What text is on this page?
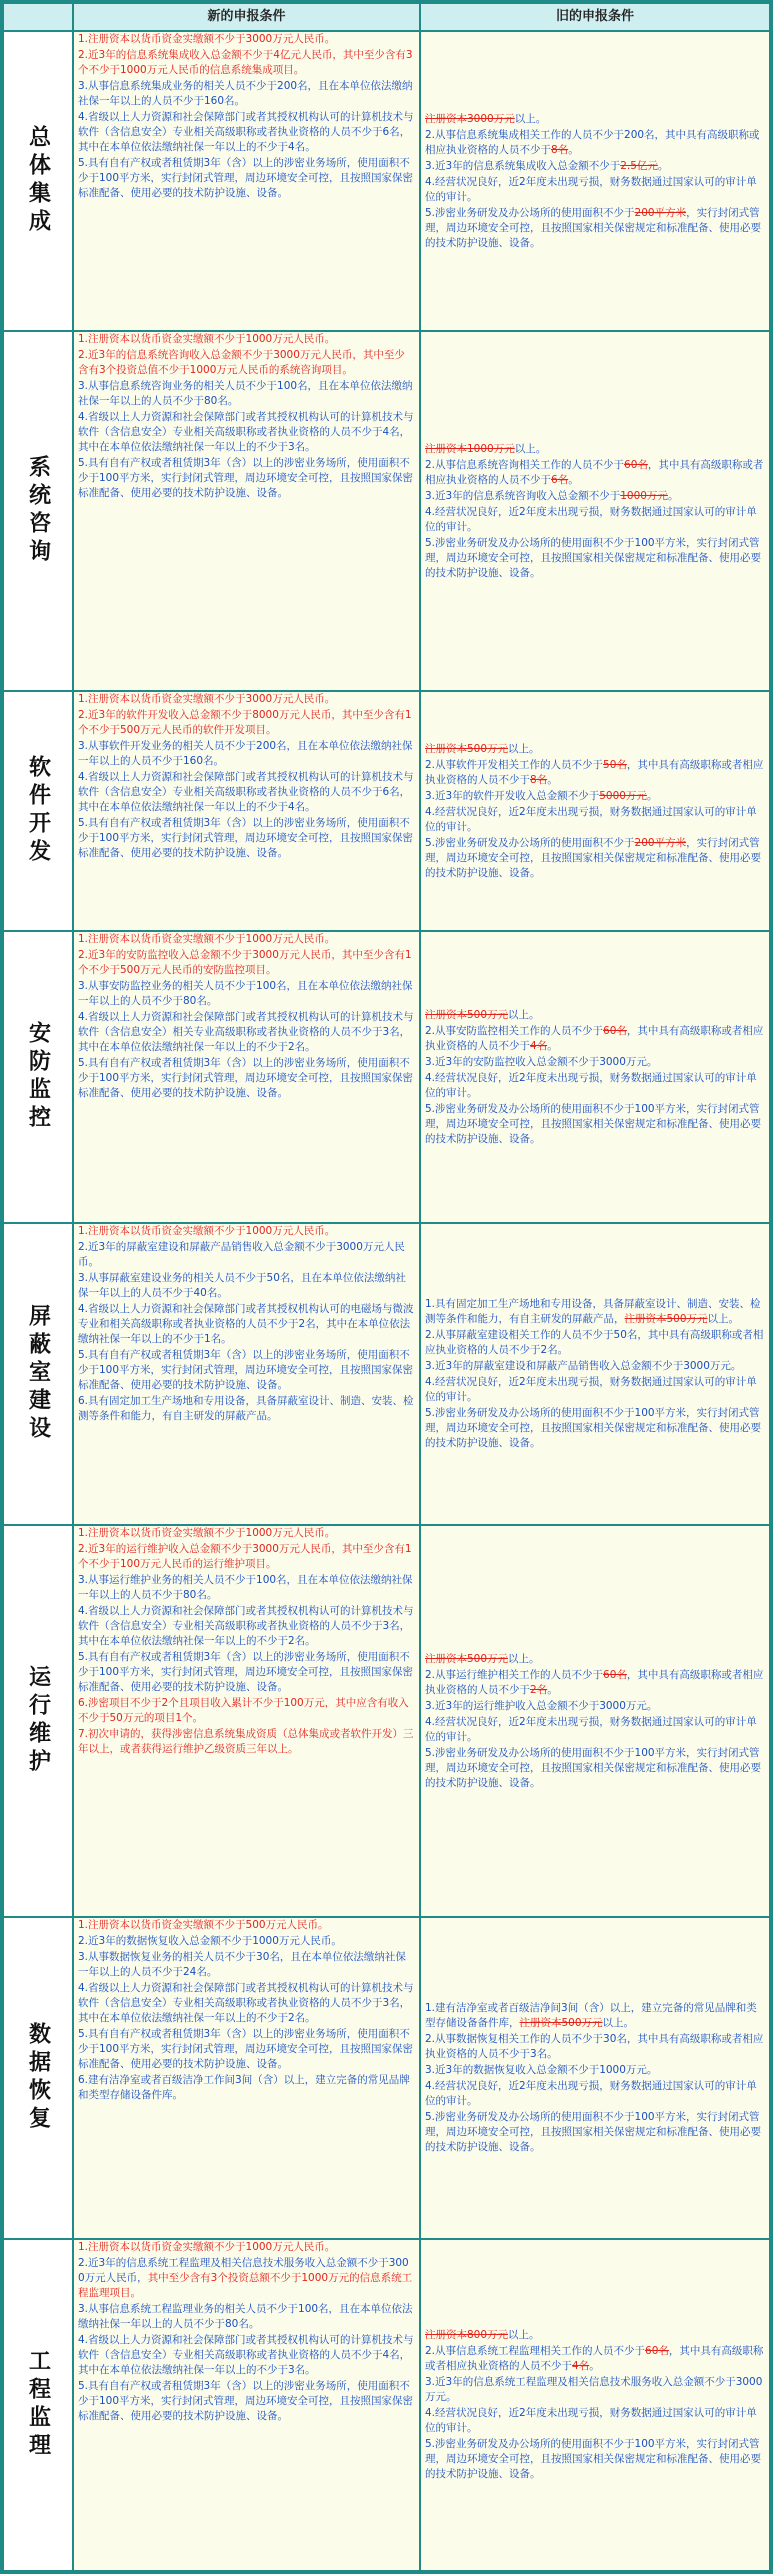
新的申报条件	旧的申报条件
总体集成

1.注册资本以货币资金实缴额不少于3000万元人民币。

2.近3年的信息系统集成收入总金额不少于4亿元人民币，其中至少含有3个不少于1000万元人民币的信息系统集成项目。

3.从事信息系统集成业务的相关人员不少于200名，且在本单位依法缴纳社保一年以上的人员不少于160名。

4.省级以上人力资源和社会保障部门或者其授权机构认可的计算机技术与软件（含信息安全）专业相关高级职称或者执业资格的人员不少于6名，其中在本单位依法缴纳社保一年以上的不少于4名。

5.具有自有产权或者租赁期3年（含）以上的涉密业务场所，使用面积不少于100平方米，实行封闭式管理，周边环境安全可控，且按照国家保密标准配备、使用必要的技术防护设施、设备。

注册资本3000万元以上。

2.从事信息系统集成相关工作的人员不少于200名，其中具有高级职称或相应执业资格的人员不少于8名。

3.近3年的信息系统集成收入总金额不少于2.5亿元。

4.经营状况良好，近2年度未出现亏损，财务数据通过国家认可的审计单位的审计。

5.涉密业务研发及办公场所的使用面积不少于200平方米，实行封闭式管理，周边环境安全可控，且按照国家相关保密规定和标准配备、使用必要的技术防护设施、设备。

系统咨询

1.注册资本以货币资金实缴额不少于1000万元人民币。

2.近3年的信息系统咨询收入总金额不少于3000万元人民币，其中至少含有3个投资总值不少于1000万元人民币的系统咨询项目。

3.从事信息系统咨询业务的相关人员不少于100名，且在本单位依法缴纳社保一年以上的人员不少于80名。

4.省级以上人力资源和社会保障部门或者其授权机构认可的计算机技术与软件（含信息安全）专业相关高级职称或者执业资格的人员不少于4名，其中在本单位依法缴纳社保一年以上的不少于3名。

5.具有自有产权或者租赁期3年（含）以上的涉密业务场所，使用面积不少于100平方米，实行封闭式管理，周边环境安全可控，且按照国家保密标准配备、使用必要的技术防护设施、设备。

注册资本1000万元以上。

2.从事信息系统咨询相关工作的人员不少于60名，其中具有高级职称或者相应执业资格的人员不少于6名。

3.近3年的信息系统咨询收入总金额不少于1000万元。

4.经营状况良好，近2年度未出现亏损，财务数据通过国家认可的审计单位的审计。

5.涉密业务研发及办公场所的使用面积不少于100平方米，实行封闭式管理，周边环境安全可控，且按照国家相关保密规定和标准配备、使用必要的技术防护设施、设备。

软件开发

1.注册资本以货币资金实缴额不少于3000万元人民币。

2.近3年的软件开发收入总金额不少于8000万元人民币，其中至少含有1个不少于500万元人民币的软件开发项目。

3.从事软件开发业务的相关人员不少于200名，且在本单位依法缴纳社保一年以上的人员不少于160名。

4.省级以上人力资源和社会保障部门或者其授权机构认可的计算机技术与软件（含信息安全）专业相关高级职称或者执业资格的人员不少于6名，其中在本单位依法缴纳社保一年以上的不少于4名。

5.具有自有产权或者租赁期3年（含）以上的涉密业务场所，使用面积不少于100平方米，实行封闭式管理，周边环境安全可控，且按照国家保密标准配备、使用必要的技术防护设施、设备。

注册资本500万元以上。

2.从事软件开发相关工作的人员不少于50名，其中具有高级职称或者相应执业资格的人员不少于8名。

3.近3年的软件开发收入总金额不少于5000万元。

4.经营状况良好，近2年度未出现亏损，财务数据通过国家认可的审计单位的审计。

5.涉密业务研发及办公场所的使用面积不少于200平方米，实行封闭式管理，周边环境安全可控，且按照国家相关保密规定和标准配备、使用必要的技术防护设施、设备。

安防监控

1.注册资本以货币资金实缴额不少于1000万元人民币。

2.近3年的安防监控收入总金额不少于3000万元人民币，其中至少含有1个不少于500万元人民币的安防监控项目。

3.从事安防监控业务的相关人员不少于100名，且在本单位依法缴纳社保一年以上的人员不少于80名。

4.省级以上人力资源和社会保障部门或者其授权机构认可的计算机技术与软件（含信息安全）相关专业高级职称或者执业资格的人员不少于3名，其中在本单位依法缴纳社保一年以上的不少于2名。

5.具有自有产权或者租赁期3年（含）以上的涉密业务场所，使用面积不少于100平方米，实行封闭式管理，周边环境安全可控，且按照国家保密标准配备、使用必要的技术防护设施、设备。

注册资本500万元以上。

2.从事安防监控相关工作的人员不少于60名，其中具有高级职称或者相应执业资格的人员不少于4名。

3.近3年的安防监控收入总金额不少于3000万元。

4.经营状况良好，近2年度未出现亏损，财务数据通过国家认可的审计单位的审计。

5.涉密业务研发及办公场所的使用面积不少于100平方米，实行封闭式管理，周边环境安全可控，且按照国家相关保密规定和标准配备、使用必要的技术防护设施、设备。

屏蔽室建设

1.注册资本以货币资金实缴额不少于1000万元人民币。

2.近3年的屏蔽室建设和屏蔽产品销售收入总金额不少于3000万元人民币。

3.从事屏蔽室建设业务的相关人员不少于50名，且在本单位依法缴纳社保一年以上的人员不少于40名。

4.省级以上人力资源和社会保障部门或者其授权机构认可的电磁场与微波专业和相关高级职称或者执业资格的人员不少于2名，其中在本单位依法缴纳社保一年以上的不少于1名。

5.具有自有产权或者租赁期3年（含）以上的涉密业务场所，使用面积不少于100平方米，实行封闭式管理，周边环境安全可控，且按照国家保密标准配备、使用必要的技术防护设施、设备。

6.具有固定加工生产场地和专用设备，具备屏蔽室设计、制造、安装、检测等条件和能力，有自主研发的屏蔽产品。

1.具有固定加工生产场地和专用设备，具备屏蔽室设计、制造、安装、检测等条件和能力，有自主研发的屏蔽产品，注册资本500万元以上。

2.从事屏蔽室建设相关工作的人员不少于50名，其中具有高级职称或者相应执业资格的人员不少于2名。

3.近3年的屏蔽室建设和屏蔽产品销售收入总金额不少于3000万元。

4.经营状况良好，近2年度未出现亏损，财务数据通过国家认可的审计单位的审计。

5.涉密业务研发及办公场所的使用面积不少于100平方米，实行封闭式管理，周边环境安全可控，且按照国家相关保密规定和标准配备、使用必要的技术防护设施、设备。

运行维护

1.注册资本以货币资金实缴额不少于1000万元人民币。

2.近3年的运行维护收入总金额不少于3000万元人民币，其中至少含有1个不少于100万元人民币的运行维护项目。

3.从事运行维护业务的相关人员不少于100名，且在本单位依法缴纳社保一年以上的人员不少于80名。

4.省级以上人力资源和社会保障部门或者其授权机构认可的计算机技术与软件（含信息安全）专业相关高级职称或者执业资格的人员不少于3名，其中在本单位依法缴纳社保一年以上的不少于2名。

5.具有自有产权或者租赁期3年（含）以上的涉密业务场所，使用面积不少于100平方米，实行封闭式管理，周边环境安全可控，且按照国家保密标准配备、使用必要的技术防护设施、设备。

6.涉密项目不少于2个且项目收入累计不少于100万元，其中应含有收入不少于50万元的项目1个。

7.初次申请的，获得涉密信息系统集成资质（总体集成或者软件开发）三年以上，或者获得运行维护乙级资质三年以上。

注册资本500万元以上。

2.从事运行维护相关工作的人员不少于60名，其中具有高级职称或者相应执业资格的人员不少于2名。

3.近3年的运行维护收入总金额不少于3000万元。

4.经营状况良好，近2年度未出现亏损，财务数据通过国家认可的审计单位的审计。

5.涉密业务研发及办公场所的使用面积不少于100平方米，实行封闭式管理，周边环境安全可控，且按照国家相关保密规定和标准配备、使用必要的技术防护设施、设备。

数据恢复

1.注册资本以货币资金实缴额不少于500万元人民币。

2.近3年的数据恢复收入总金额不少于1000万元人民币。

3.从事数据恢复业务的相关人员不少于30名，且在本单位依法缴纳社保一年以上的人员不少于24名。

4.省级以上人力资源和社会保障部门或者其授权机构认可的计算机技术与软件（含信息安全）专业相关高级职称或者执业资格的人员不少于3名，其中在本单位依法缴纳社保一年以上的不少于2名。

5.具有自有产权或者租赁期3年（含）以上的涉密业务场所，使用面积不少于100平方米，实行封闭式管理，周边环境安全可控，且按照国家保密标准配备、使用必要的技术防护设施、设备。

6.建有洁净室或者百级洁净工作间3间（含）以上，建立完备的常见品牌和类型存储设备件库。

1.建有洁净室或者百级洁净间3间（含）以上，建立完备的常见品牌和类型存储设备备件库，注册资本500万元以上。

2.从事数据恢复相关工作的人员不少于30名，其中具有高级职称或者相应执业资格的人员不少于3名。

3.近3年的数据恢复收入总金额不少于1000万元。

4.经营状况良好，近2年度未出现亏损，财务数据通过国家认可的审计单位的审计。

5.涉密业务研发及办公场所的使用面积不少于100平方米，实行封闭式管理，周边环境安全可控，且按照国家相关保密规定和标准配备、使用必要的技术防护设施、设备。

工程监理

1.注册资本以货币资金实缴额不少于1000万元人民币。

2.近3年的信息系统工程监理及相关信息技术服务收入总金额不少于3000万元人民币，其中至少含有3个投资总额不少于1000万元的信息系统工程监理项目。

3.从事信息系统工程监理业务的相关人员不少于100名，且在本单位依法缴纳社保一年以上的人员不少于80名。

4.省级以上人力资源和社会保障部门或者其授权机构认可的计算机技术与软件（含信息安全）专业相关高级职称或者执业资格的人员不少于4名，其中在本单位依法缴纳社保一年以上的不少于3名。

5.具有自有产权或者租赁期3年（含）以上的涉密业务场所，使用面积不少于100平方米，实行封闭式管理，周边环境安全可控，且按照国家保密标准配备、使用必要的技术防护设施、设备。

注册资本800万元以上。

2.从事信息系统工程监理相关工作的人员不少于60名，其中具有高级职称或者相应执业资格的人员不少于4名。

3.近3年的信息系统工程监理及相关信息技术服务收入总金额不少于3000万元。

4.经营状况良好，近2年度未出现亏损，财务数据通过国家认可的审计单位的审计。

5.涉密业务研发及办公场所的使用面积不少于100平方米，实行封闭式管理，周边环境安全可控，且按照国家相关保密规定和标准配备、使用必要的技术防护设施、设备。
